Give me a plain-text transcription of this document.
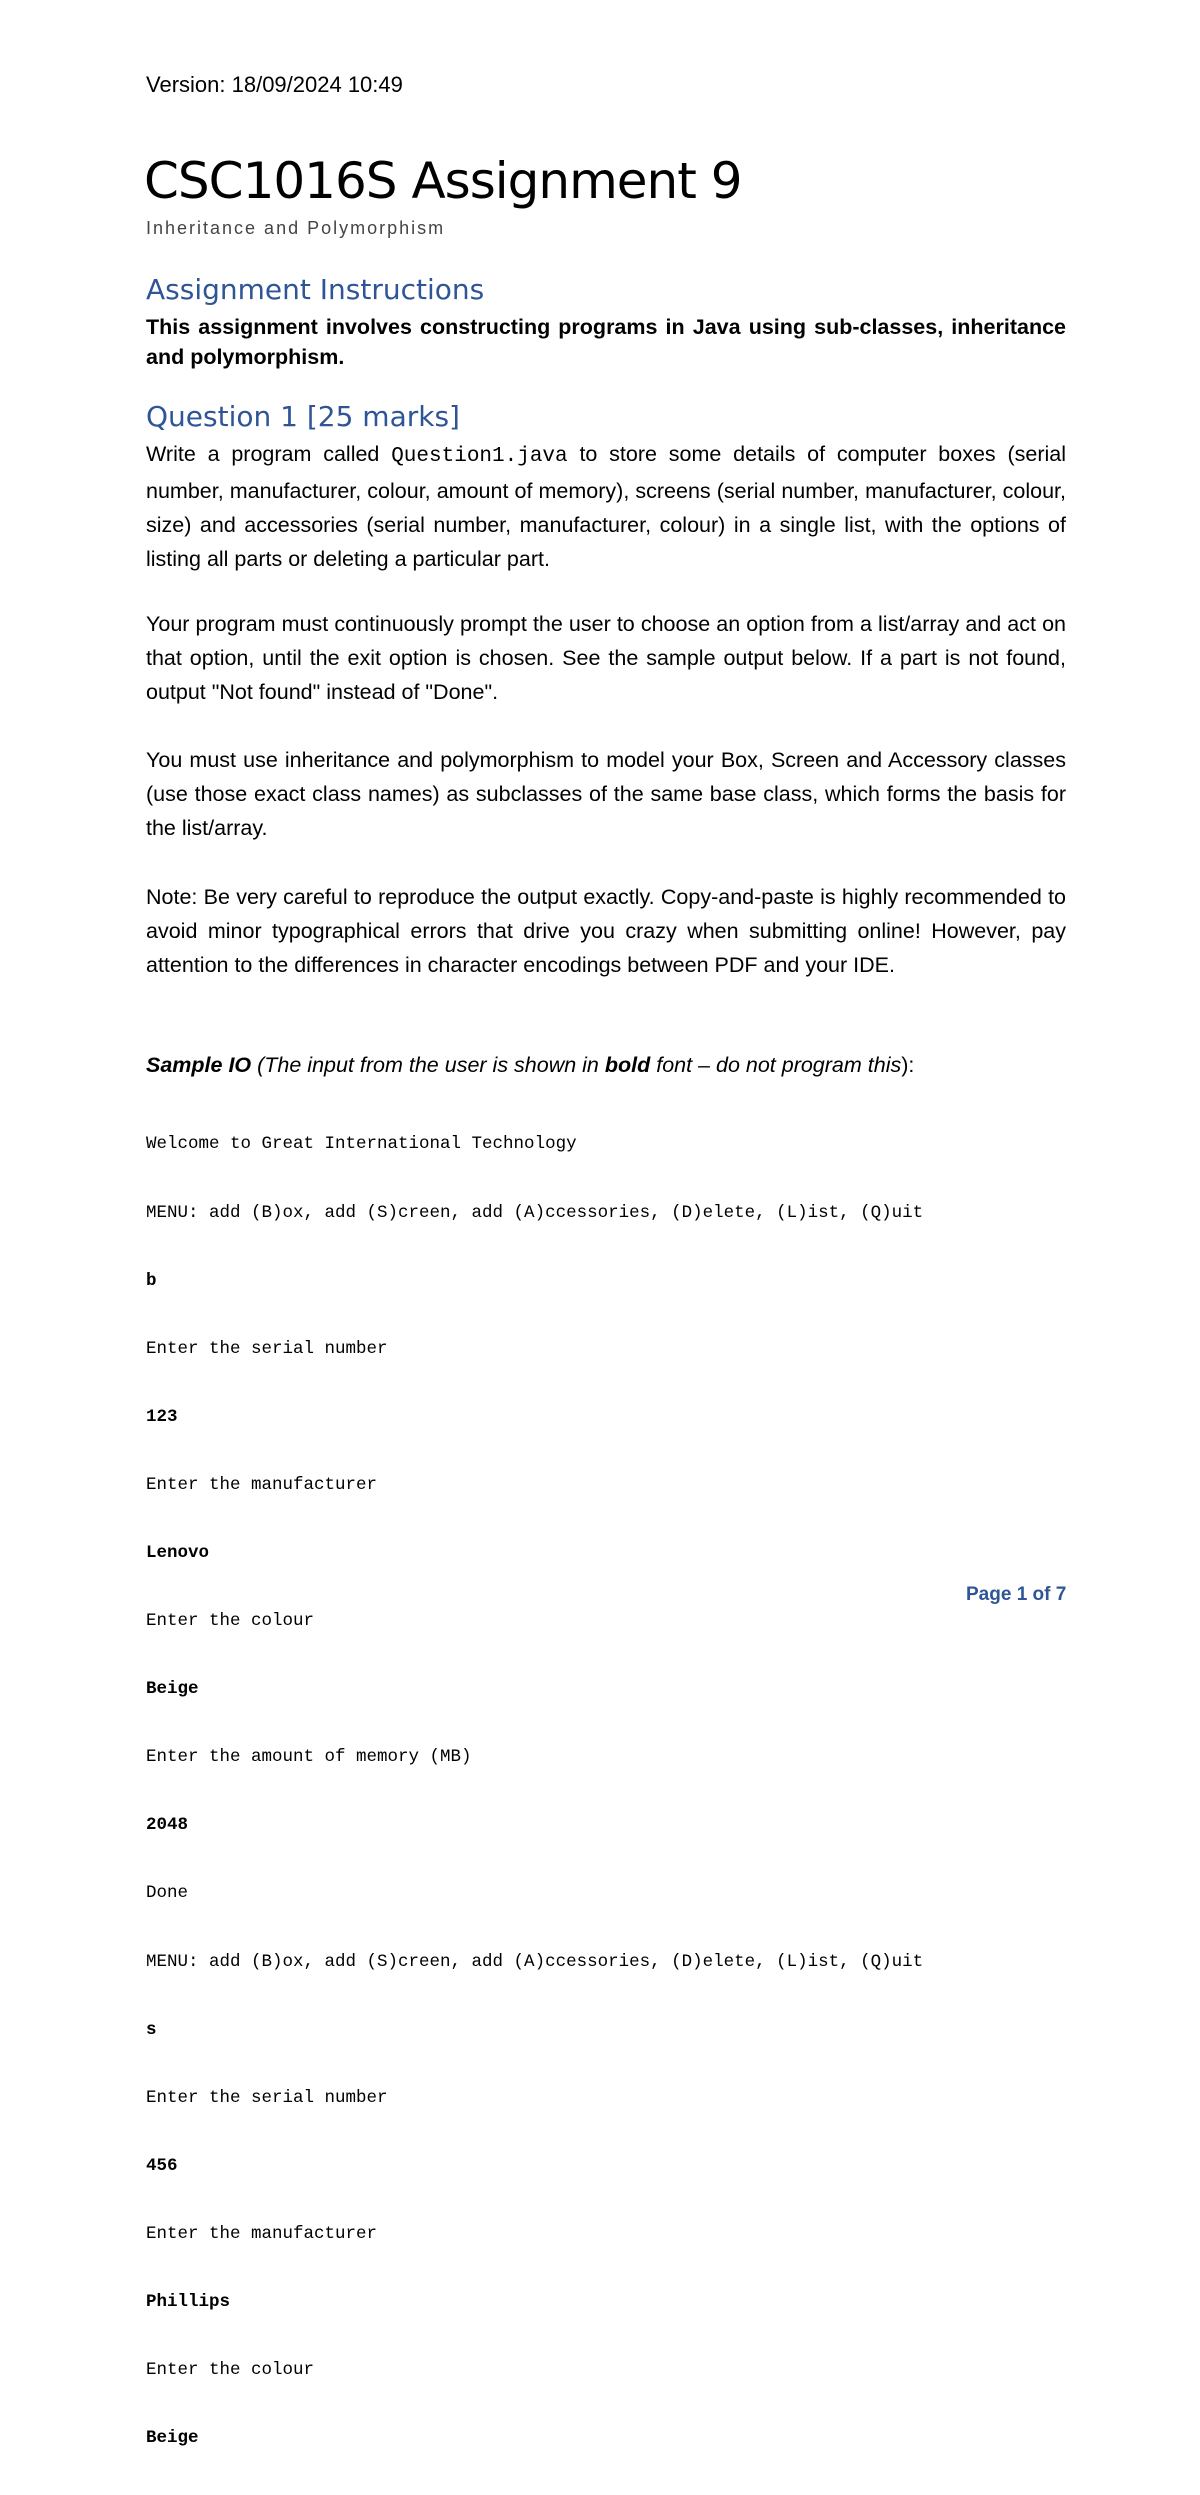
Version: 18/09/2024 10:49
CSC1016S Assignment 9
Inheritance and Polymorphism
Assignment Instructions
This assignment involves constructing programs in Java using sub-classes, inheritance and polymorphism.
Question 1 [25 marks]
Write a program called Question1.java to store some details of computer boxes (serial number, manufacturer, colour, amount of memory), screens (serial number, manufacturer, colour, size) and accessories (serial number, manufacturer, colour) in a single list, with the options of listing all parts or deleting a particular part.
Your program must continuously prompt the user to choose an option from a list/array and act on that option, until the exit option is chosen. See the sample output below. If a part is not found, output "Not found" instead of "Done".
You must use inheritance and polymorphism to model your Box, Screen and Accessory classes (use those exact class names) as subclasses of the same base class, which forms the basis for the list/array.
Note: Be very careful to reproduce the output exactly. Copy-and-paste is highly recommended to avoid minor typographical errors that drive you crazy when submitting online! However, pay attention to the differences in character encodings between PDF and your IDE.
Sample IO (The input from the user is shown in bold font – do not program this):

Welcome to Great International Technology

MENU: add (B)ox, add (S)creen, add (A)ccessories, (D)elete, (L)ist, (Q)uit

b

Enter the serial number

123

Enter the manufacturer

Lenovo

Enter the colour

Beige

Enter the amount of memory (MB)

2048

Done

MENU: add (B)ox, add (S)creen, add (A)ccessories, (D)elete, (L)ist, (Q)uit

s

Enter the serial number

456

Enter the manufacturer

Phillips

Enter the colour

Beige

Page 1 of 7
